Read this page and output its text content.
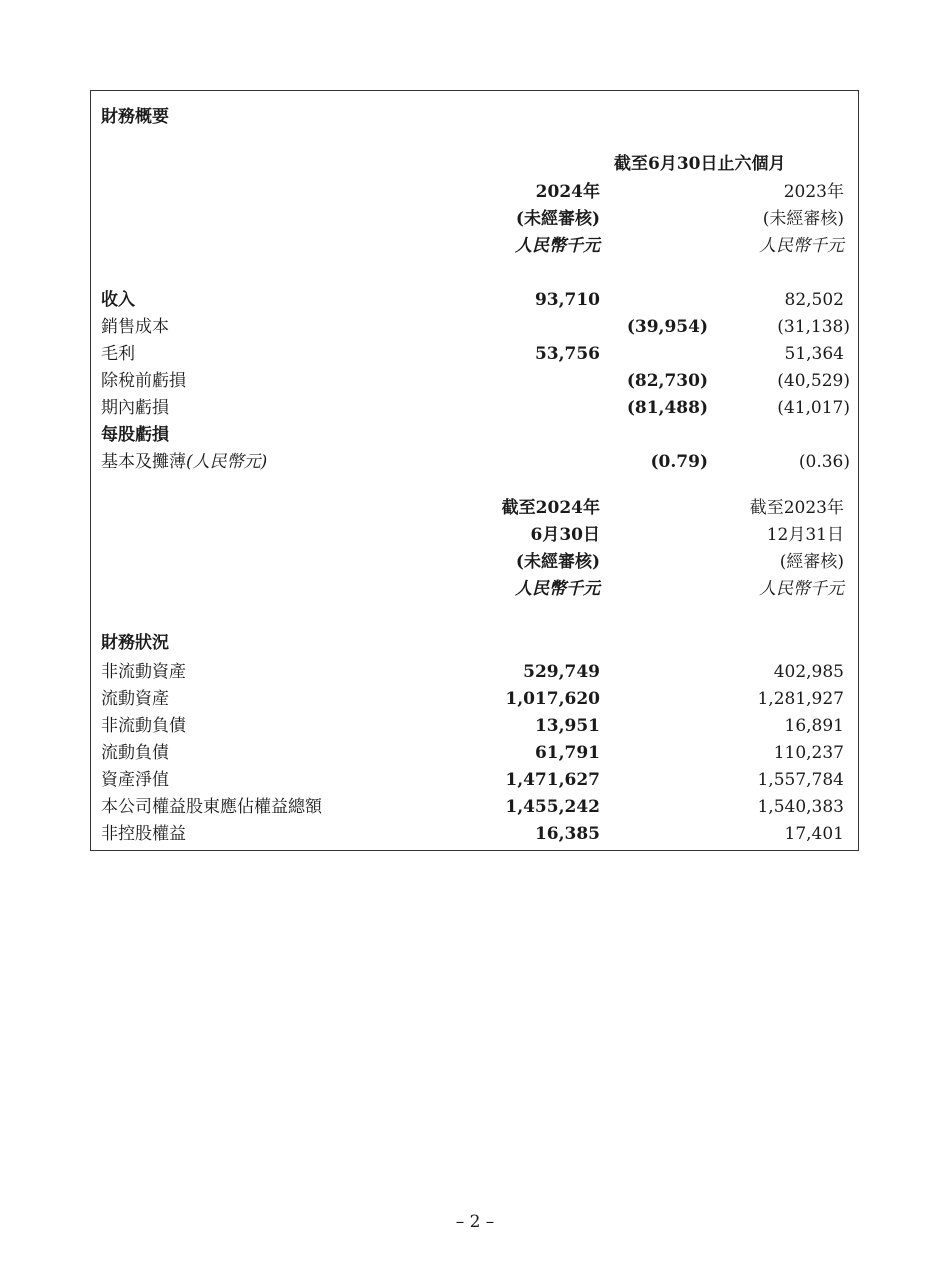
財務概要
截至6月30日止六個月
2024年	2023年
(未經審核)	(未經審核)
人民幣千元	人民幣千元
收入	93,710	82,502
銷售成本	(39,954)	(31,138)
毛利	53,756	51,364
除稅前虧損	(82,730)	(40,529)
期內虧損	(81,488)	(41,017)
每股虧損
基本及攤薄(人民幣元)	(0.79)	(0.36)
截至2024年	截至2023年
6月30日	12月31日
(未經審核)	(經審核)
人民幣千元	人民幣千元
財務狀況
非流動資產	529,749	402,985
流動資產	1,017,620	1,281,927
非流動負債	13,951	16,891
流動負債	61,791	110,237
資產淨值	1,471,627	1,557,784
本公司權益股東應佔權益總額	1,455,242	1,540,383
非控股權益	16,385	17,401
– 2 –
